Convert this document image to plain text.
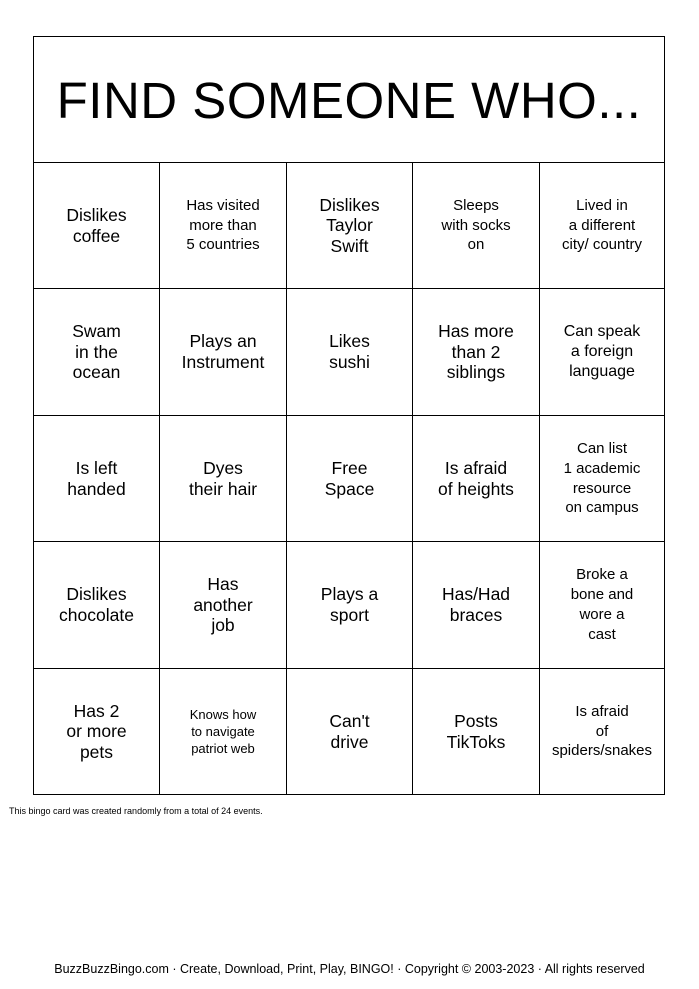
FIND SOMEONE WHO...
Dislikes
coffee
Has visited
more than
5 countries
Dislikes
Taylor
Swift
Sleeps
with socks
on
Lived in
a different
city/ country
Swam
in the
ocean
Plays an
Instrument
Likes
sushi
Has more
than 2
siblings
Can speak
a foreign
language
Is left
handed
Dyes
their hair
Free
Space
Is afraid
of heights
Can list
1 academic
resource
on campus
Dislikes
chocolate
Has
another
job
Plays a
sport
Has/Had
braces
Broke a
bone and
wore a
cast
Has 2
or more
pets
Knows how
to navigate
patriot web
Can't
drive
Posts
TikToks
Is afraid
of
spiders/snakes
This bingo card was created randomly from a total of 24 events.
BuzzBuzzBingo.com · Create, Download, Print, Play, BINGO! · Copyright © 2003-2023 · All rights reserved
